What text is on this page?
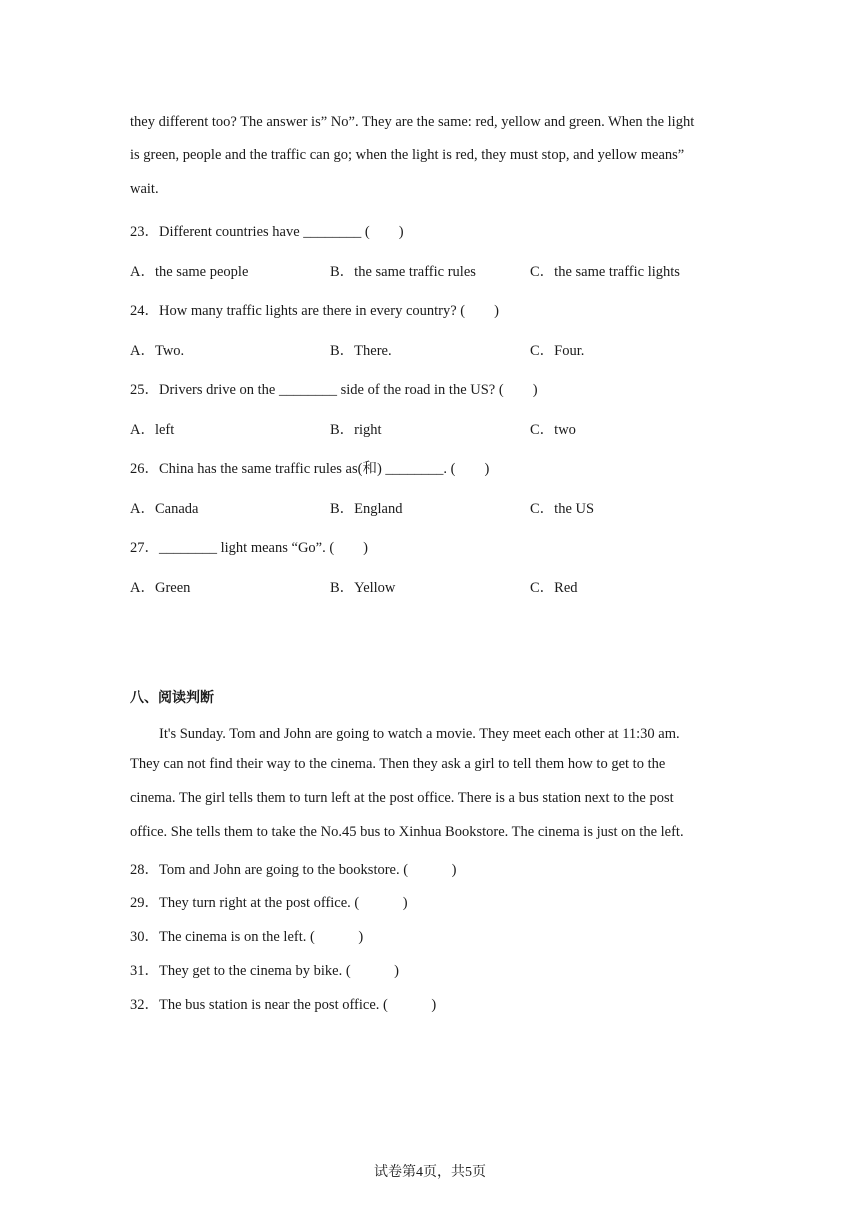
they different too? The answer is” No”. They are the same: red, yellow and green. When the light
is green, people and the traffic can go; when the light is red, they must stop, and yellow means”
wait.
23．Different countries have ________ (　　)
A．the same people	B．the same traffic rules	C．the same traffic lights
24．How many traffic lights are there in every country? (　　)
A．Two.	B．There.	C．Four.
25．Drivers drive on the ________ side of the road in the US? (　　)
A．left	B．right	C．two
26．China has the same traffic rules as(和) ________. (　　)
A．Canada	B．England	C．the US
27．________ light means “Go”. (　　)
A．Green	B．Yellow	C．Red
八、阅读判断
　　It's Sunday. Tom and John are going to watch a movie. They meet each other at 11:30 am.
They can not find their way to the cinema. Then they ask a girl to tell them how to get to the
cinema. The girl tells them to turn left at the post office. There is a bus station next to the post
office. She tells them to take the No.45 bus to Xinhua Bookstore. The cinema is just on the left.
28．Tom and John are going to the bookstore. (　　　)
29．They turn right at the post office. (　　　)
30．The cinema is on the left. (　　　)
31．They get to the cinema by bike. (　　　)
32．The bus station is near the post office. (　　　)
试卷第4页，共5页
